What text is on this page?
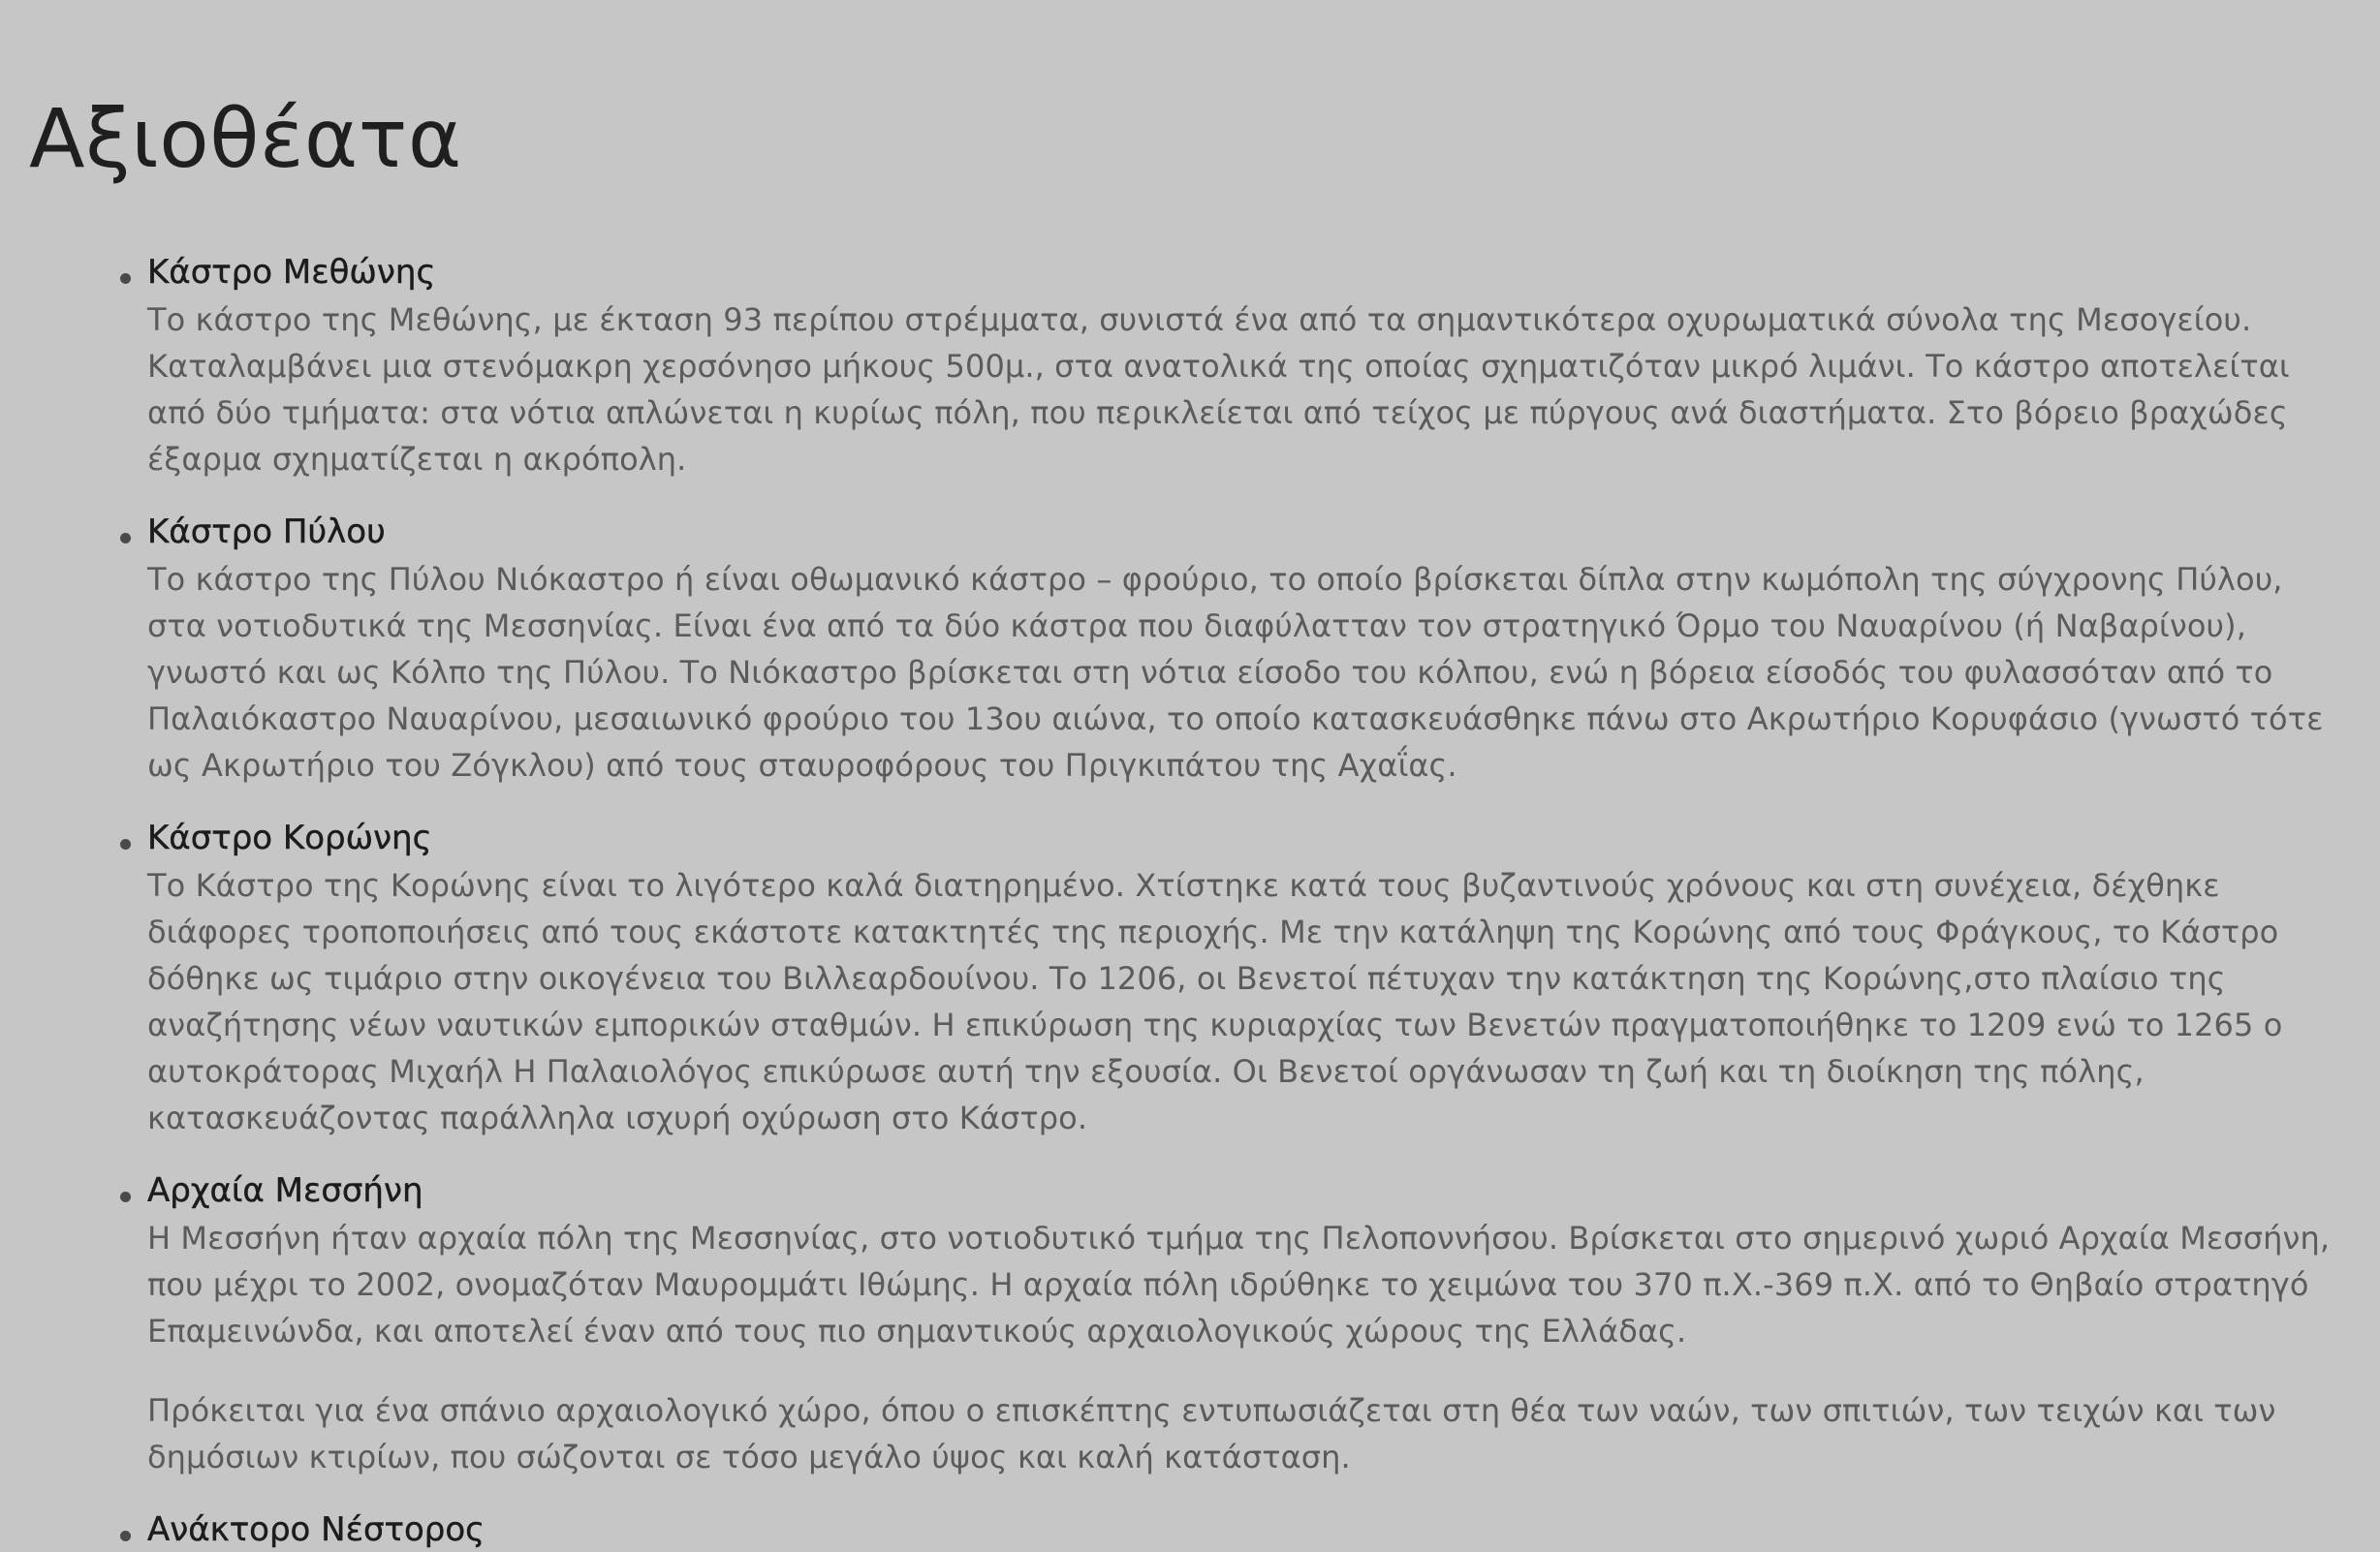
Αξιοθέατα
Κάστρο Μεθώνης

Το κάστρο της Μεθώνης, με έκταση 93 περίπου στρέμματα, συνιστά ένα από τα σημαντικότερα οχυρωματικά σύνολα της Μεσογείου. Καταλαμβάνει μια στενόμακρη χερσόνησο μήκους 500μ., στα ανατολικά της οποίας σχηματιζόταν μικρό λιμάνι. Το κάστρο αποτελείται από δύο τμήματα: στα νότια απλώνεται η κυρίως πόλη, που περικλείεται από τείχος με πύργους ανά διαστήματα. Στο βόρειο βραχώδες έξαρμα σχηματίζεται η ακρόπολη.

Κάστρο Πύλου

Το κάστρο της Πύλου Νιόκαστρο ή είναι οθωμανικό κάστρο – φρούριο, το οποίο βρίσκεται δίπλα στην κωμόπολη της σύγχρονης Πύλου, στα νοτιοδυτικά της Μεσσηνίας. Είναι ένα από τα δύο κάστρα που διαφύλατταν τον στρατηγικό Όρμο του Ναυαρίνου (ή Ναβαρίνου), γνωστό και ως Κόλπο της Πύλου. Το Νιόκαστρο βρίσκεται στη νότια είσοδο του κόλπου, ενώ η βόρεια είσοδός του φυλασσόταν από το Παλαιόκαστρο Ναυαρίνου, μεσαιωνικό φρούριο του 13ου αιώνα, το οποίο κατασκευάσθηκε πάνω στο Ακρωτήριο Κορυφάσιο (γνωστό τότε ως Ακρωτήριο του Ζόγκλου) από τους σταυροφόρους του Πριγκιπάτου της Αχαΐας.

Κάστρο Κορώνης

Το Κάστρο της Κορώνης είναι το λιγότερο καλά διατηρημένο. Χτίστηκε κατά τους βυζαντινούς χρόνους και στη συνέχεια, δέχθηκε διάφορες τροποποιήσεις από τους εκάστοτε κατακτητές της περιοχής. Με την κατάληψη της Κορώνης από τους Φράγκους, το Κάστρο δόθηκε ως τιμάριο στην οικογένεια του Βιλλεαρδουίνου. Το 1206, οι Βενετοί πέτυχαν την κατάκτηση της Κορώνης,στο πλαίσιο της αναζήτησης νέων ναυτικών εμπορικών σταθμών. Η επικύρωση της κυριαρχίας των Βενετών πραγματοποιήθηκε το 1209 ενώ το 1265 ο αυτοκράτορας Μιχαήλ Η Παλαιολόγος επικύρωσε αυτή την εξουσία. Οι Βενετοί οργάνωσαν τη ζωή και τη διοίκηση της πόλης, κατασκευάζοντας παράλληλα ισχυρή οχύρωση στο Κάστρο.

Αρχαία Μεσσήνη

Η Μεσσήνη ήταν αρχαία πόλη της Μεσσηνίας, στο νοτιοδυτικό τμήμα της Πελοποννήσου. Βρίσκεται στο σημερινό χωριό Αρχαία Μεσσήνη, που μέχρι το 2002, ονομαζόταν Μαυρομμάτι Ιθώμης. Η αρχαία πόλη ιδρύθηκε το χειμώνα του 370 π.Χ.-369 π.Χ. από το Θηβαίο στρατηγό Επαμεινώνδα, και αποτελεί έναν από τους πιο σημαντικούς αρχαιολογικούς χώρους της Ελλάδας.

Πρόκειται για ένα σπάνιο αρχαιολογικό χώρο, όπου ο επισκέπτης εντυπωσιάζεται στη θέα των ναών, των σπιτιών, των τειχών και των δημόσιων κτιρίων, που σώζονται σε τόσο μεγάλο ύψος και καλή κατάσταση.

Ανάκτορο Νέστορος
